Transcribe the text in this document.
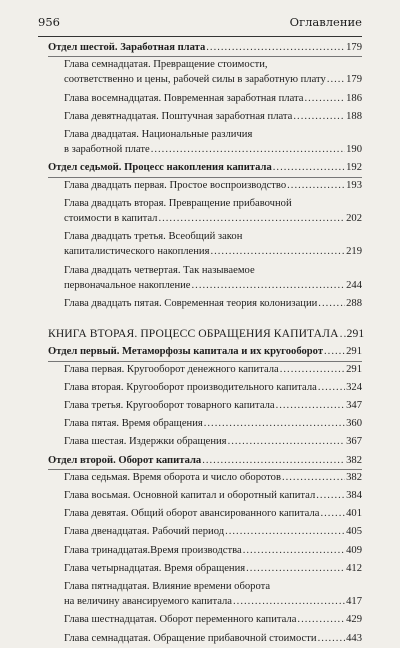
956	Оглавление
Отдел шестой. Заработная плата .....	179
Глава семнадцатая. Превращение стоимости,
соответственно и цены, рабочей силы в заработную плату ..... 179
Глава восемнадцатая. Повременная заработная плата .....	186
Глава девятнадцатая. Поштучная заработная плата .....	188
Глава двадцатая. Национальные различия
в заработной плате .....	190
Отдел седьмой. Процесс накопления капитала .....	192
Глава двадцать первая. Простое воспроизводство .....	193
Глава двадцать вторая. Превращение прибавочной
стоимости в капитал .....	202
Глава двадцать третья. Всеобщий закон
капиталистического накопления .....	219
Глава двадцать четвертая. Так называемое
первоначальное накопление .....	244
Глава двадцать пятая. Современная теория колонизации .....	288
КНИГА ВТОРАЯ. ПРОЦЕСС ОБРАЩЕНИЯ КАПИТАЛА ..... 291
Отдел первый. Метаморфозы капитала и их кругооборот ..... 291
Глава первая. Кругооборот денежного капитала .....	291
Глава вторая. Кругооборот производительного капитала .....	324
Глава третья. Кругооборот товарного капитала .....	347
Глава пятая. Время обращения .....	360
Глава шестая. Издержки обращения .....	367
Отдел второй. Оборот капитала .....	382
Глава седьмая. Время оборота и число оборотов .....	382
Глава восьмая. Основной капитал и оборотный капитал .....	384
Глава девятая. Общий оборот авансированного капитала .....	401
Глава двенадцатая. Рабочий период .....	405
Глава тринадцатая.Время производства .....	409
Глава четырнадцатая. Время обращения .....	412
Глава пятнадцатая. Влияние времени оборота
на величину авансируемого капитала .....	417
Глава шестнадцатая. Оборот переменного капитала .....	429
Глава семнадцатая. Обращение прибавочной стоимости .....	443
